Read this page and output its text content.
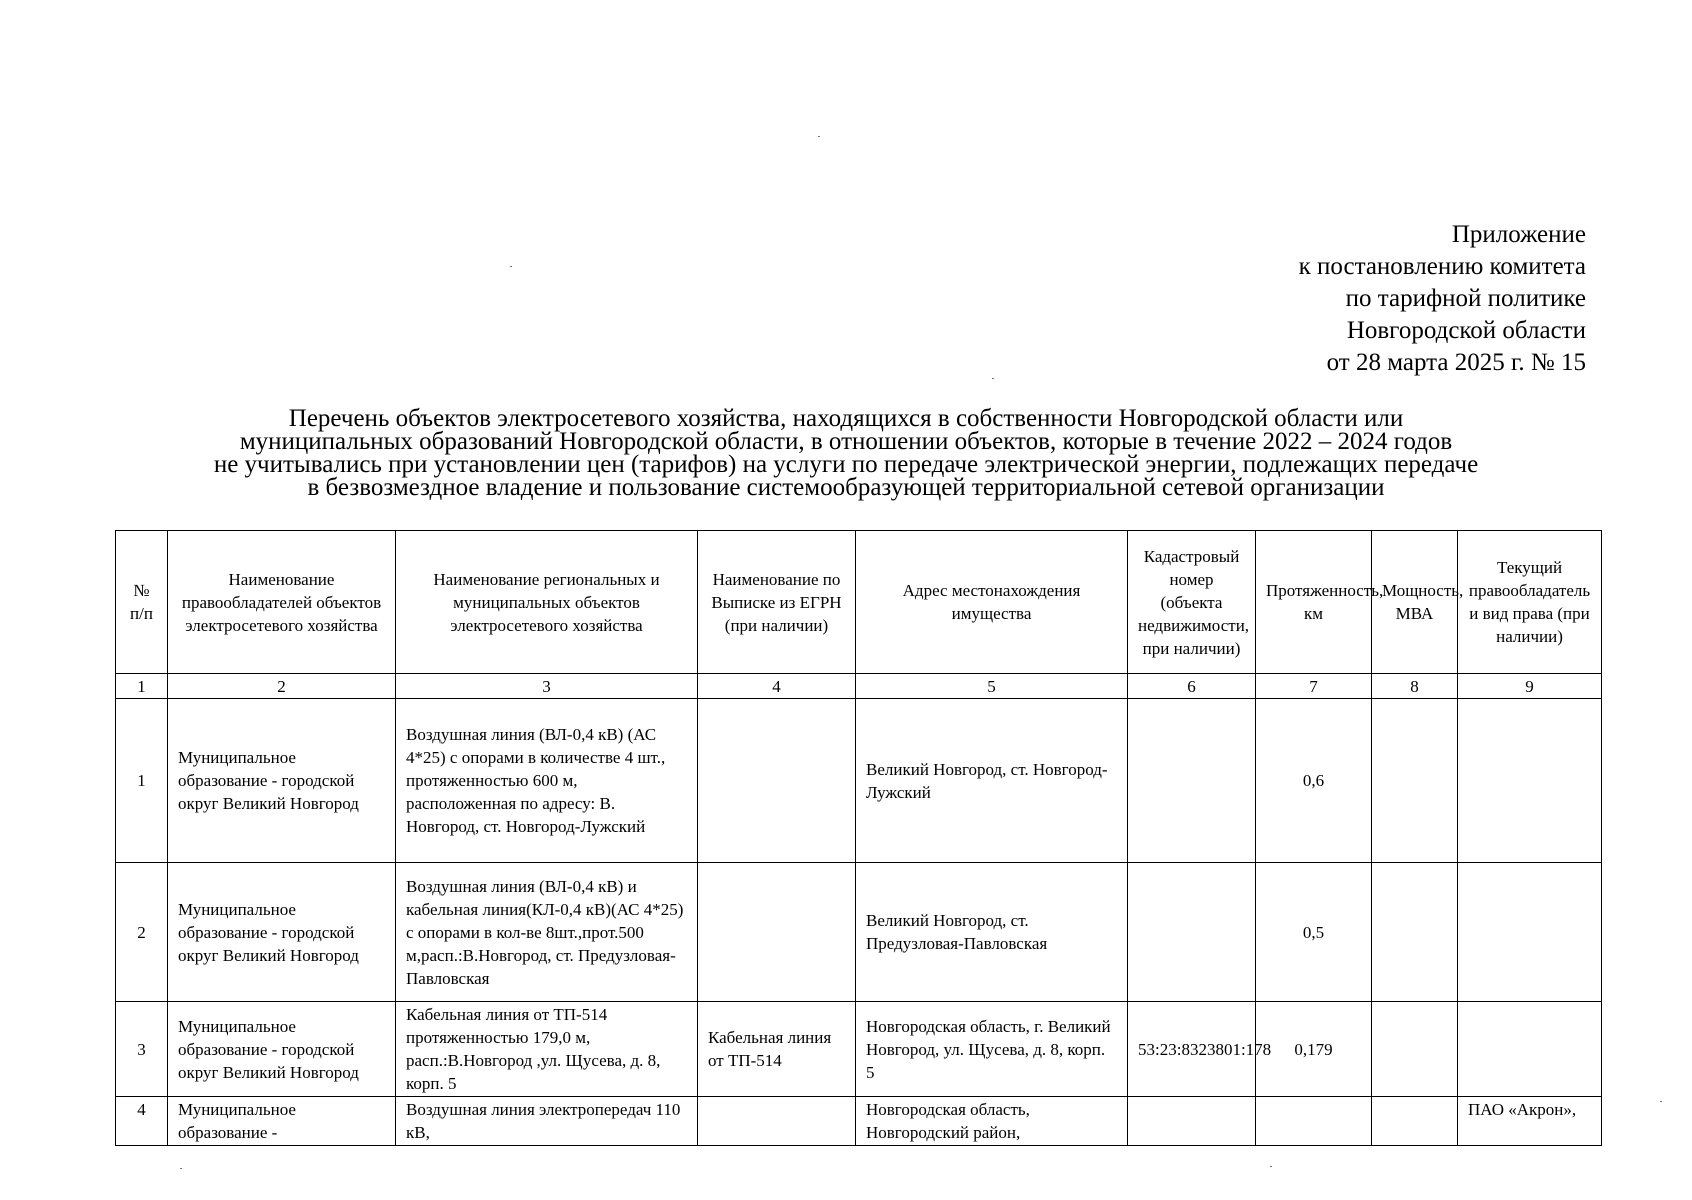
Приложение
к постановлению комитета
по тарифной политике
Новгородской области
от 28 марта 2025 г. № 15
Перечень объектов электросетевого хозяйства, находящихся в собственности Новгородской области или
муниципальных образований Новгородской области, в отношении объектов, которые в течение 2022 – 2024 годов
не учитывались при установлении цен (тарифов) на услуги по передаче электрической энергии, подлежащих передаче
в безвозмездное владение и пользование системообразующей территориальной сетевой организации
№ п/п	Наименование правообладателей объектов электросетевого хозяйства	Наименование региональных и муниципальных объектов электросетевого хозяйства	Наименование по Выписке из ЕГРН (при наличии)	Адрес местонахождения имущества	Кадастровый номер (объекта недвижимости, при наличии)	Протяженность, км	Мощность, МВА	Текущий правообладатель и вид права (при наличии)
1	2	3	4	5	6	7	8	9
1	Муниципальное образование - городской округ Великий Новгород	Воздушная линия (ВЛ-0,4 кВ) (АС 4*25) с опорами в количестве 4 шт., протяженностью 600 м, расположенная по адресу: В. Новгород, ст. Новгород-Лужский		Великий Новгород, ст. Новгород-Лужский		0,6		
2	Муниципальное образование - городской округ Великий Новгород	Воздушная линия (ВЛ-0,4 кВ) и кабельная линия(КЛ-0,4 кВ)(АС 4*25) с опорами в кол-ве 8шт.,прот.500 м,расп.:В.Новгород, ст. Предузловая-Павловская		Великий Новгород, ст. Предузловая-Павловская		0,5		
3	Муниципальное образование - городской округ Великий Новгород	Кабельная линия от ТП-514 протяженностью 179,0 м, расп.:В.Новгород ,ул. Щусева, д. 8, корп. 5	Кабельная линия от ТП-514	Новгородская область, г. Великий Новгород, ул. Щусева, д. 8, корп. 5	53:23:8323801:178	0,179		
4	Муниципальное образование -	Воздушная линия электропередач 110 кВ,		Новгородская область, Новгородский район,				ПАО «Акрон»,
